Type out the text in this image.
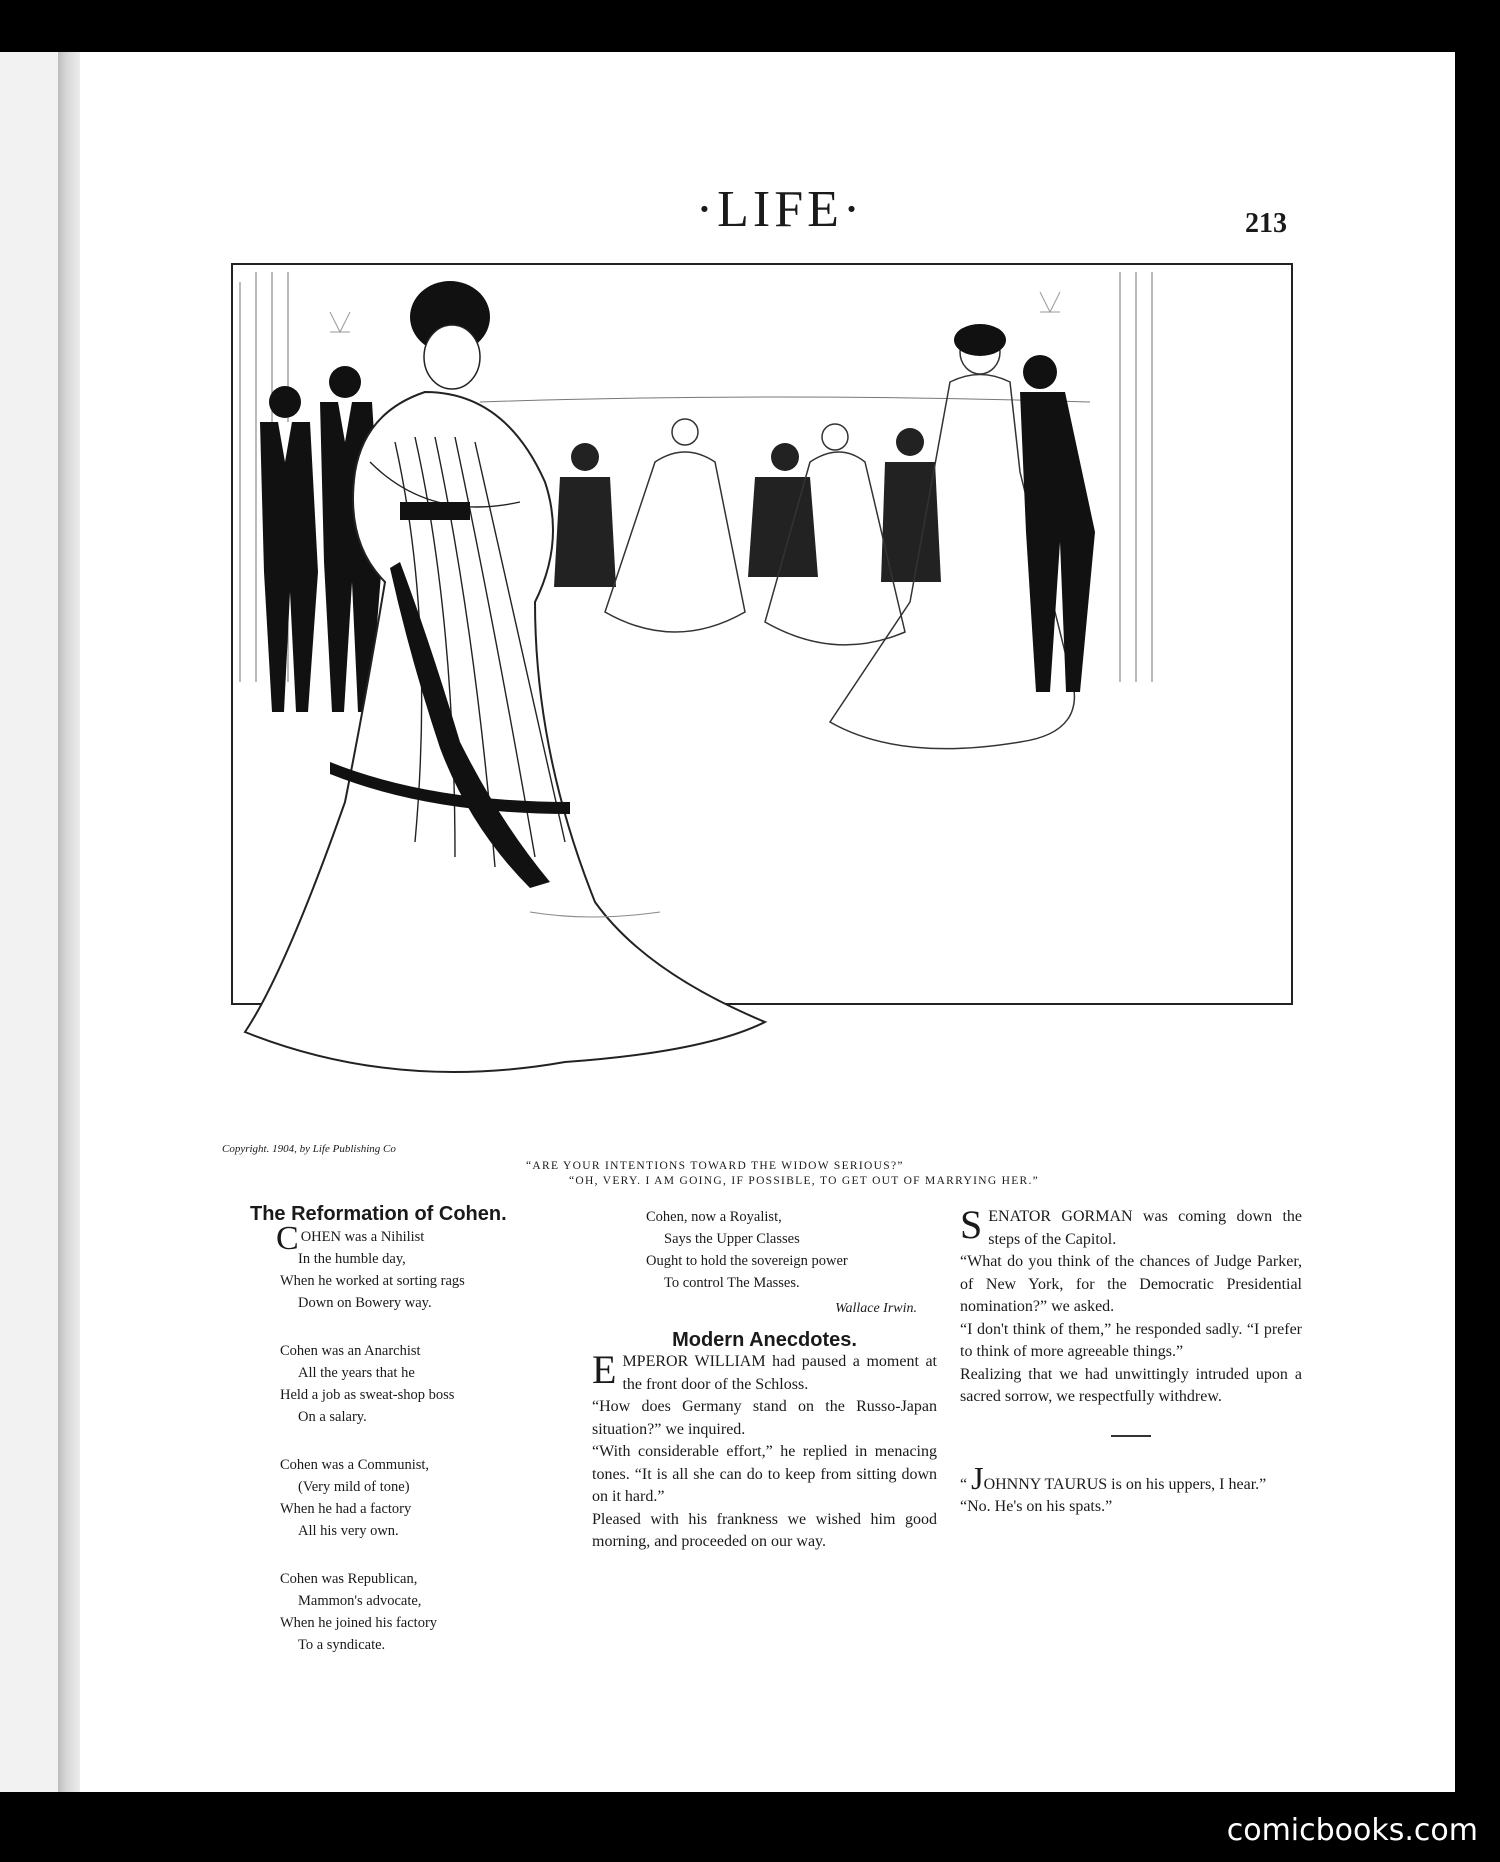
·LIFE·	213
Copyright. 1904, by Life Publishing Co
“ARE YOUR INTENTIONS TOWARD THE WIDOW SERIOUS?”
“OH, VERY. I AM GOING, IF POSSIBLE, TO GET OUT OF MARRYING HER.”

The Reformation of Cohen.

COHEN was a Nihilist
In the humble day,
When he worked at sorting rags
Down on Bowery way.
Cohen was an Anarchist
All the years that he
Held a job as sweat-shop boss
On a salary.
Cohen was a Communist,
(Very mild of tone)
When he had a factory
All his very own.
Cohen was Republican,
Mammon's advocate,
When he joined his factory
To a syndicate.
Cohen, now a Royalist,
Says the Upper Classes
Ought to hold the sovereign power
To control The Masses.

Wallace Irwin.

Modern Anecdotes.

EMPEROR WILLIAM had paused a moment at the front door of the Schloss.

“How does Germany stand on the Russo-Japan situation?” we inquired.

“With considerable effort,” he replied in menacing tones. “It is all she can do to keep from sitting down on it hard.”

Pleased with his frankness we wished him good morning, and proceeded on our way.

SENATOR GORMAN was coming down the steps of the Capitol.

“What do you think of the chances of Judge Parker, of New York, for the Democratic Presidential nomination?” we asked.

“I don't think of them,” he responded sadly. “I prefer to think of more agreeable things.”

Realizing that we had unwittingly intruded upon a sacred sorrow, we respectfully withdrew.

“ JOHNNY TAURUS is on his uppers, I hear.”

“No. He's on his spats.”

comicbooks.com
